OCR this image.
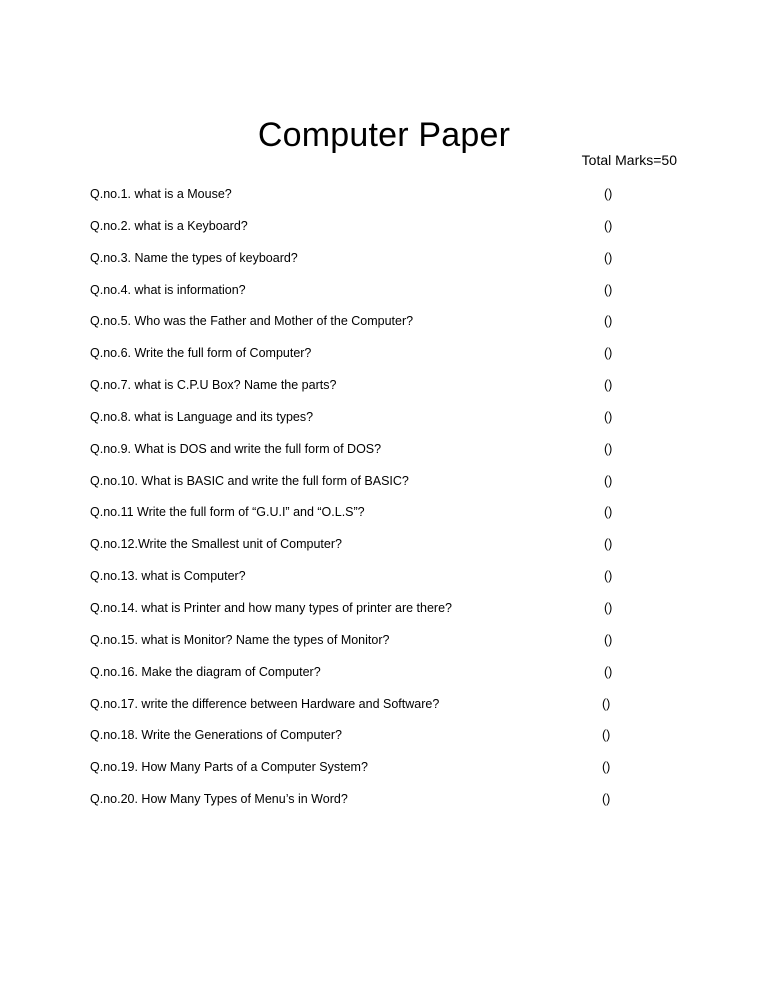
Computer Paper
Total Marks=50
Q.no.1. what is a Mouse?	()
Q.no.2. what is a Keyboard?	()
Q.no.3. Name the types of keyboard?	()
Q.no.4. what is information?	()
Q.no.5. Who was the Father and Mother of the Computer?	()
Q.no.6. Write the full form of Computer?	()
Q.no.7. what is C.P.U Box? Name the parts?	()
Q.no.8. what is Language and its types?	()
Q.no.9. What is DOS and write the full form of DOS?	()
Q.no.10. What is BASIC and write the full form of BASIC?	()
Q.no.11 Write the full form of “G.U.I” and “O.L.S”?	()
Q.no.12.Write the Smallest unit of Computer?	()
Q.no.13. what is Computer?	()
Q.no.14. what is Printer and how many types of printer are there?	()
Q.no.15. what is Monitor? Name the types of Monitor?	()
Q.no.16. Make the diagram of Computer?	()
Q.no.17. write the difference between Hardware and Software?	()
Q.no.18. Write the Generations of Computer?	()
Q.no.19. How Many Parts of a Computer System?	()
Q.no.20. How Many Types of Menu’s in Word?	()
